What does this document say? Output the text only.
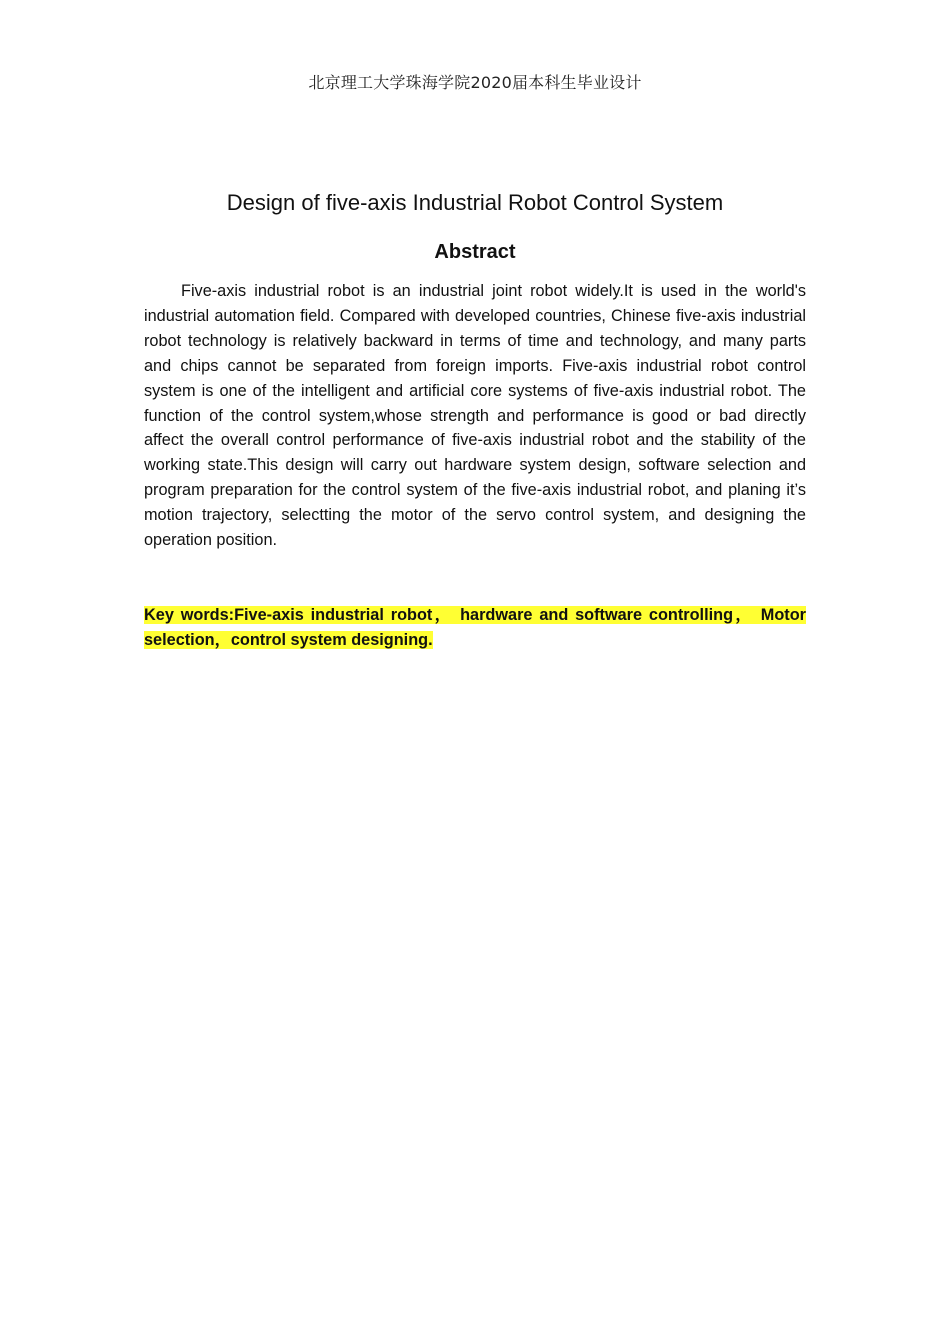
北京理工大学珠海学院2020届本科生毕业设计
Design of five-axis Industrial Robot Control System
Abstract

Five-axis industrial robot is an industrial joint robot widely.It is used in the world's industrial automation field. Compared with developed countries, Chinese five-axis industrial robot technology is relatively backward in terms of time and technology, and many parts and chips cannot be separated from foreign imports. Five-axis industrial robot control system is one of the intelligent and artificial core systems of five-axis industrial robot. The function of the control system,whose strength and performance is good or bad directly affect the overall control performance of five-axis industrial robot and the stability of the working state.This design will carry out hardware system design, software selection and program preparation for the control system of the five-axis industrial robot, and planing it’s motion trajectory, selectting the motor of the servo control system, and designing the operation position.

Key words:Five-axis industrial robot， hardware and software controlling， Motor selection，control system designing.
